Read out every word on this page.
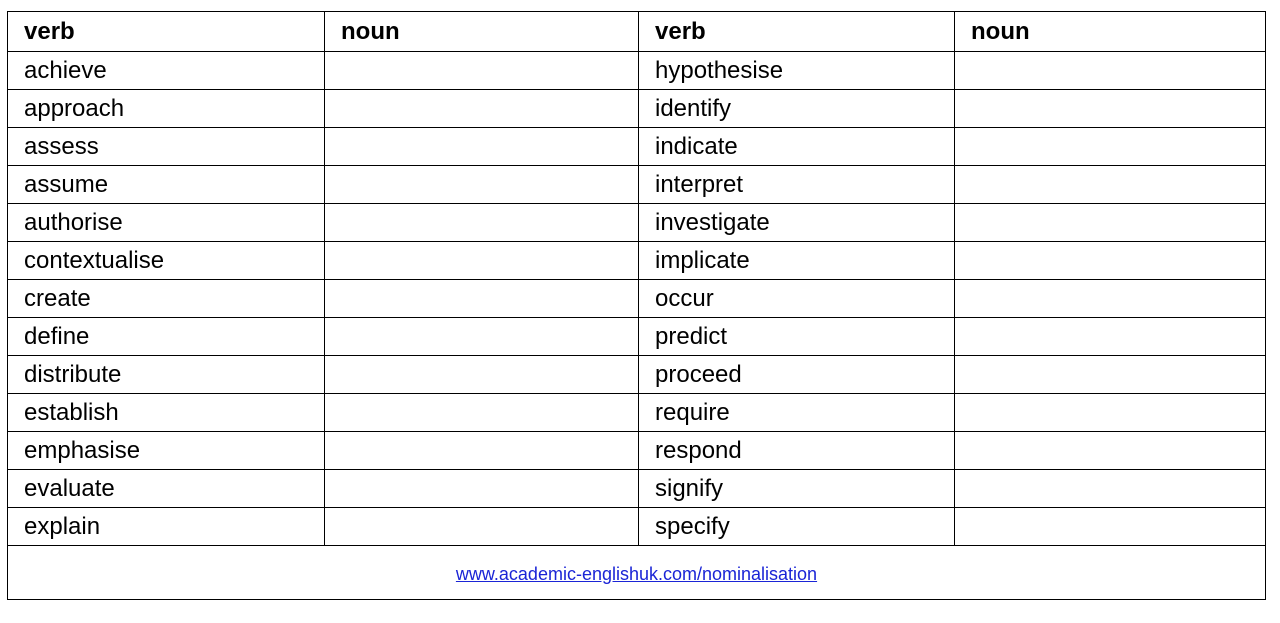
verb	noun	verb	noun
achieve		hypothesise	
approach		identify	
assess		indicate	
assume		interpret	
authorise		investigate	
contextualise		implicate	
create		occur	
define		predict	
distribute		proceed	
establish		require	
emphasise		respond	
evaluate		signify	
explain		specify	
www.academic-englishuk.com/nominalisation			
